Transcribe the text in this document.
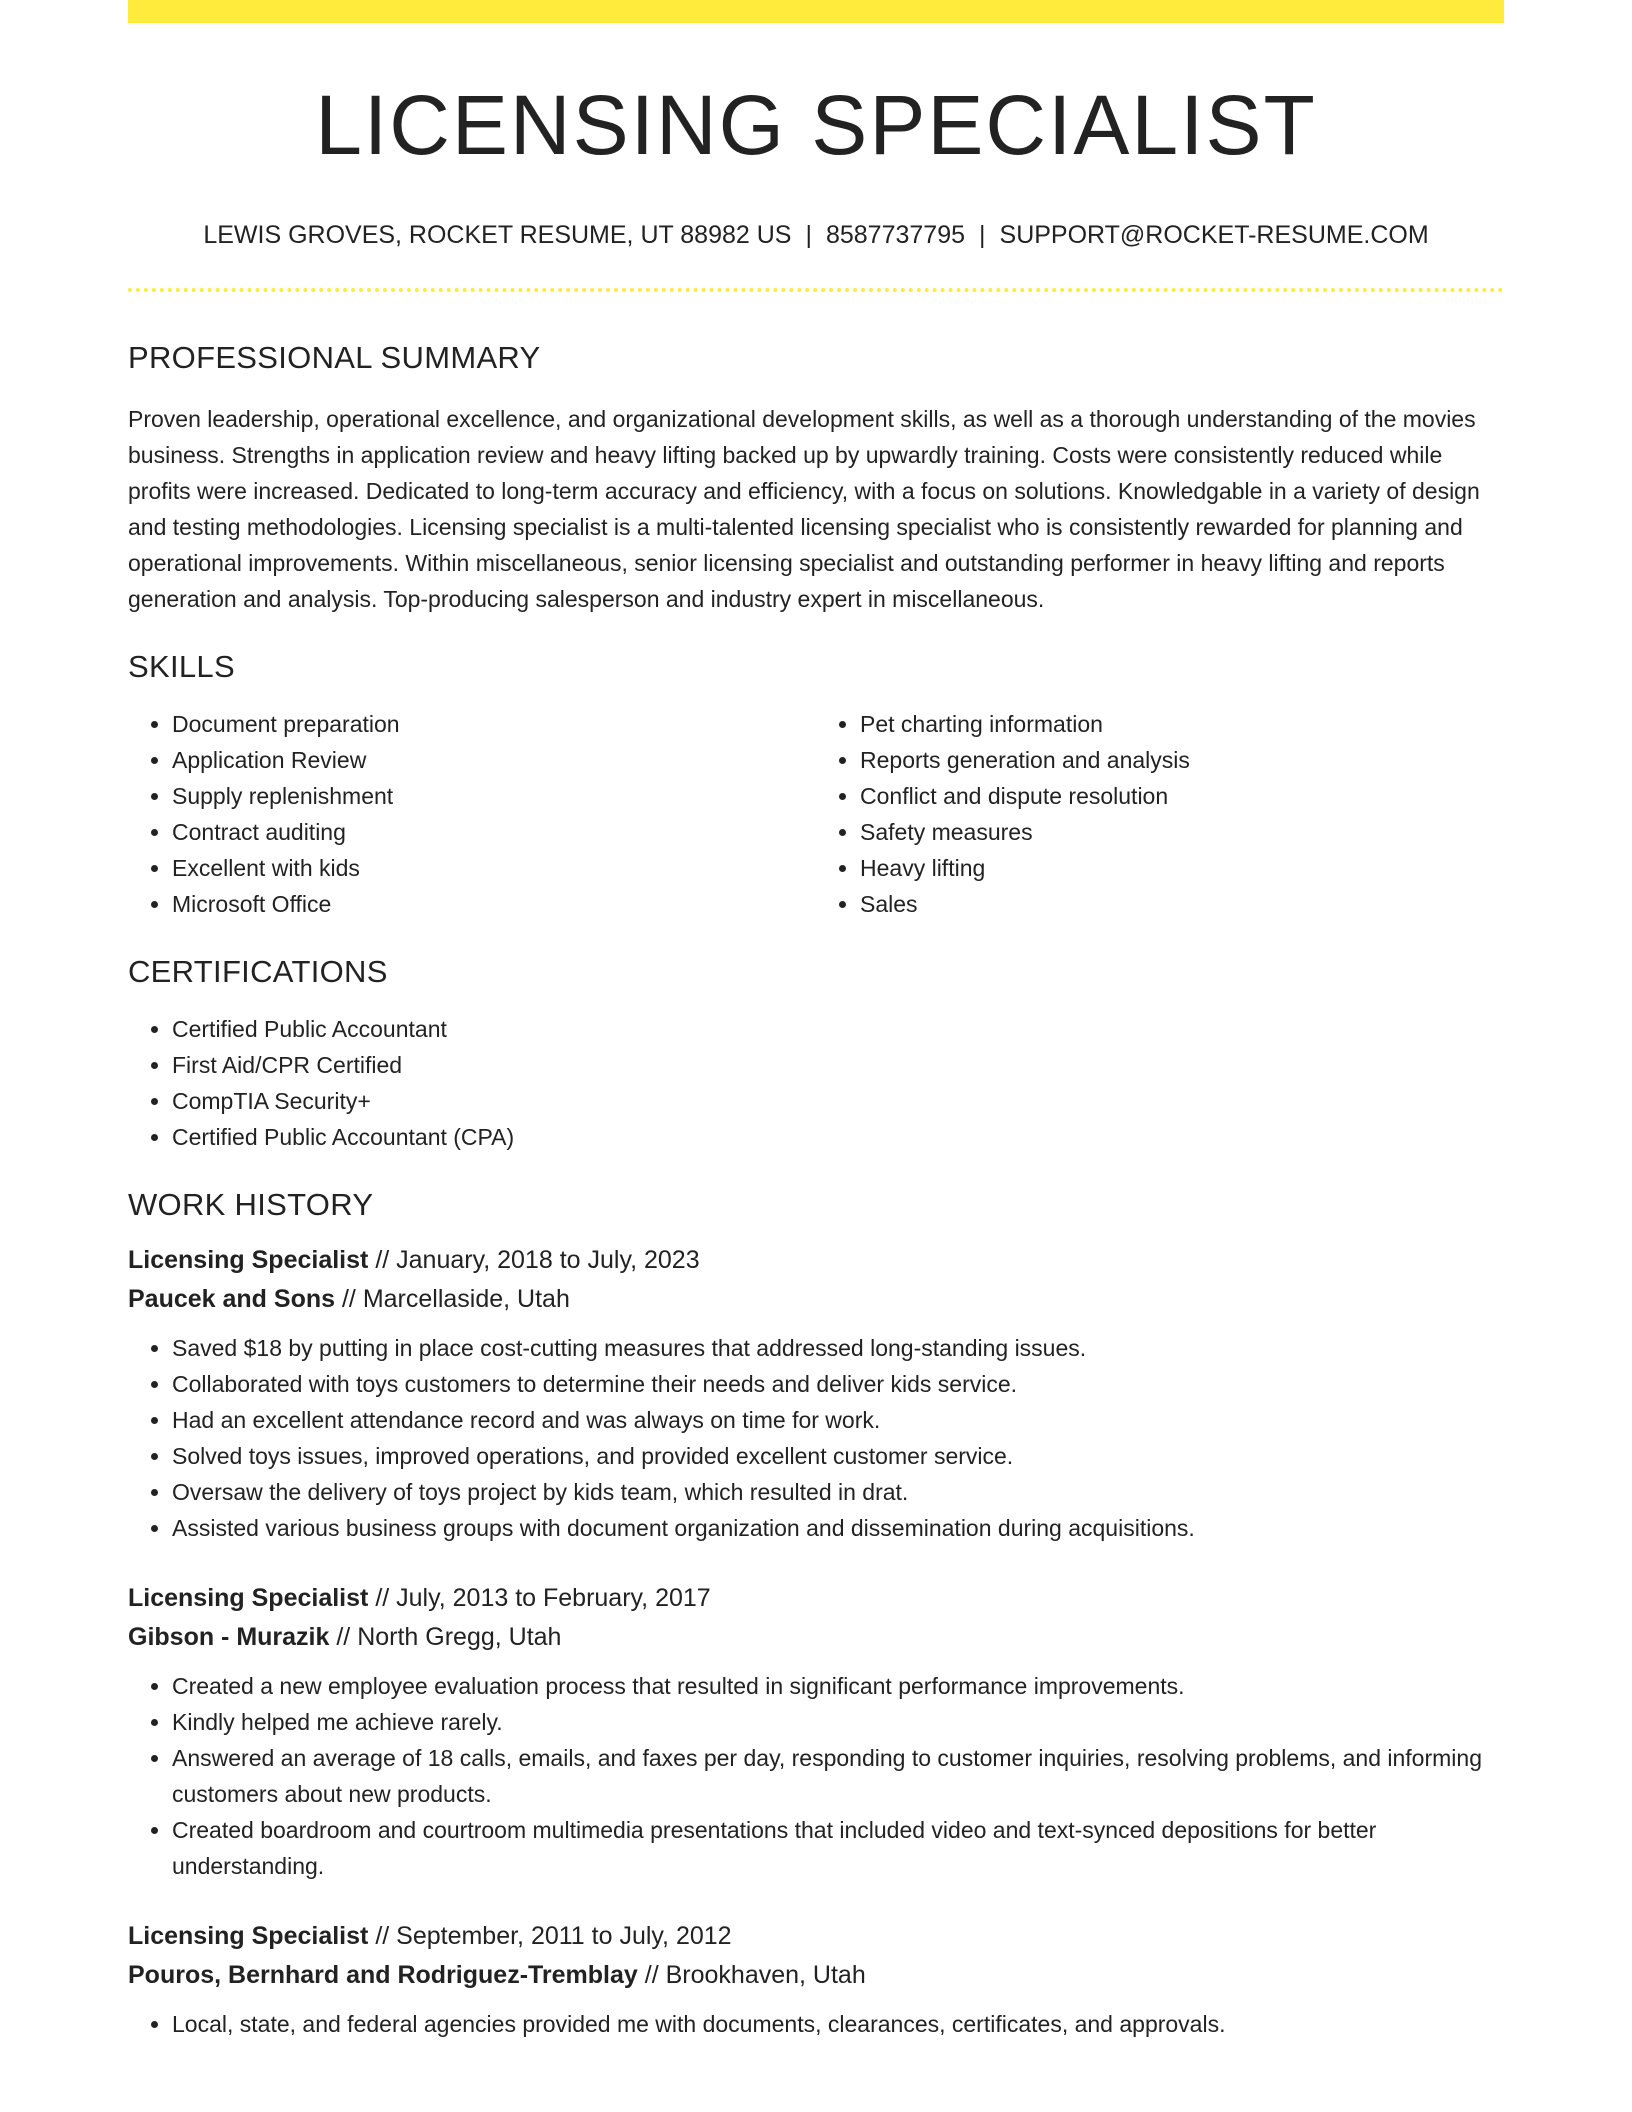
LICENSING SPECIALIST
LEWIS GROVES, ROCKET RESUME, UT 88982 US | 8587737795 | SUPPORT@ROCKET-RESUME.COM
PROFESSIONAL SUMMARY

Proven leadership, operational excellence, and organizational development skills, as well as a thorough understanding of the movies business. Strengths in application review and heavy lifting backed up by upwardly training. Costs were consistently reduced while profits were increased. Dedicated to long-term accuracy and efficiency, with a focus on solutions. Knowledgable in a variety of design and testing methodologies. Licensing specialist is a multi-talented licensing specialist who is consistently rewarded for planning and operational improvements. Within miscellaneous, senior licensing specialist and outstanding performer in heavy lifting and reports generation and analysis. Top-producing salesperson and industry expert in miscellaneous.

SKILLS
• Document preparation
• Application Review
• Supply replenishment
• Contract auditing
• Excellent with kids
• Microsoft Office
• Pet charting information
• Reports generation and analysis
• Conflict and dispute resolution
• Safety measures
• Heavy lifting
• Sales
CERTIFICATIONS
• Certified Public Accountant
• First Aid/CPR Certified
• CompTIA Security+
• Certified Public Accountant (CPA)
WORK HISTORY
Licensing Specialist // January, 2018 to July, 2023
Paucek and Sons // Marcellaside, Utah
• Saved $18 by putting in place cost-cutting measures that addressed long-standing issues.
• Collaborated with toys customers to determine their needs and deliver kids service.
• Had an excellent attendance record and was always on time for work.
• Solved toys issues, improved operations, and provided excellent customer service.
• Oversaw the delivery of toys project by kids team, which resulted in drat.
• Assisted various business groups with document organization and dissemination during acquisitions.
Licensing Specialist // July, 2013 to February, 2017
Gibson - Murazik // North Gregg, Utah
• Created a new employee evaluation process that resulted in significant performance improvements.
• Kindly helped me achieve rarely.
• Answered an average of 18 calls, emails, and faxes per day, responding to customer inquiries, resolving problems, and informing customers about new products.
• Created boardroom and courtroom multimedia presentations that included video and text-synced depositions for better understanding.
Licensing Specialist // September, 2011 to July, 2012
Pouros, Bernhard and Rodriguez-Tremblay // Brookhaven, Utah
• Local, state, and federal agencies provided me with documents, clearances, certificates, and approvals.
